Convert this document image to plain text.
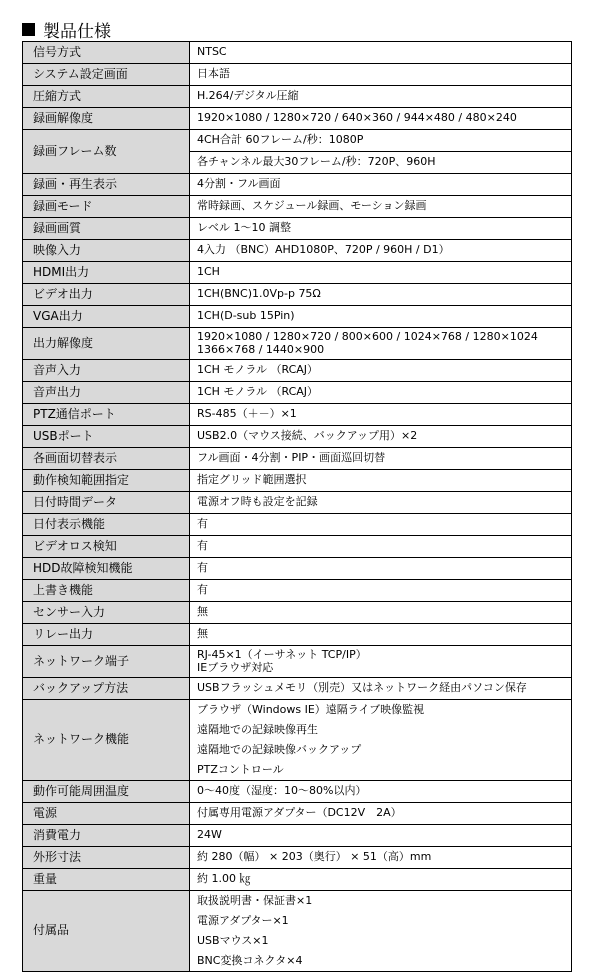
製品仕様
信号方式	NTSC

システム設定画面	日本語

圧縮方式	H.264/デジタル圧縮

録画解像度	1920×1080 / 1280×720 / 640×360 / 944×480 / 480×240

録画フレーム数	4CH合計 60フレーム/秒：1080P
	各チャンネル最大30フレーム/秒：720P、960H
録画・再生表示	4分割・フル画面

録画モード	常時録画、スケジュール録画、モーション録画

録画画質	レベル 1～10 調整

映像入力	4入力 （BNC）AHD1080P、720P / 960H / D1）

HDMI出力	1CH

ビデオ出力	1CH(BNC)1.0Vp-p 75Ω

VGA出力	1CH(D-sub 15Pin)

出力解像度	1920×1080 / 1280×720 / 800×600 / 1024×768 / 1280×1024
1366×768 / 1440×900

音声入力	1CH モノラル （RCAJ）

音声出力	1CH モノラル （RCAJ）

PTZ通信ポート	RS-485（＋－）×1

USBポート	USB2.0（マウス接続、バックアップ用）×2

各画面切替表示	フル画面・4分割・PIP・画面巡回切替

動作検知範囲指定	指定グリッド範囲選択

日付時間データ	電源オフ時も設定を記録

日付表示機能	有

ビデオロス検知	有

HDD故障検知機能	有

上書き機能	有

センサー入力	無

リレー出力	無

ネットワーク端子	RJ-45×1（イーサネット TCP/IP）
IEブラウザ対応

バックアップ方法	USBフラッシュメモリ（別売）又はネットワーク経由パソコン保存

ネットワーク機能	ブラウザ（Windows IE）遠隔ライブ映像監視
遠隔地での記録映像再生
遠隔地での記録映像バックアップ
PTZコントロール

動作可能周囲温度	0～40度（湿度：10～80%以内）

電源	付属専用電源アダプター（DC12V　2A）

消費電力	24W

外形寸法	約 280（幅） × 203（奥行） × 51（高）mm

重量	約 1.00 ㎏

付属品	取扱説明書・保証書×1
電源アダプター×1
USBマウス×1
BNC変換コネクタ×4
